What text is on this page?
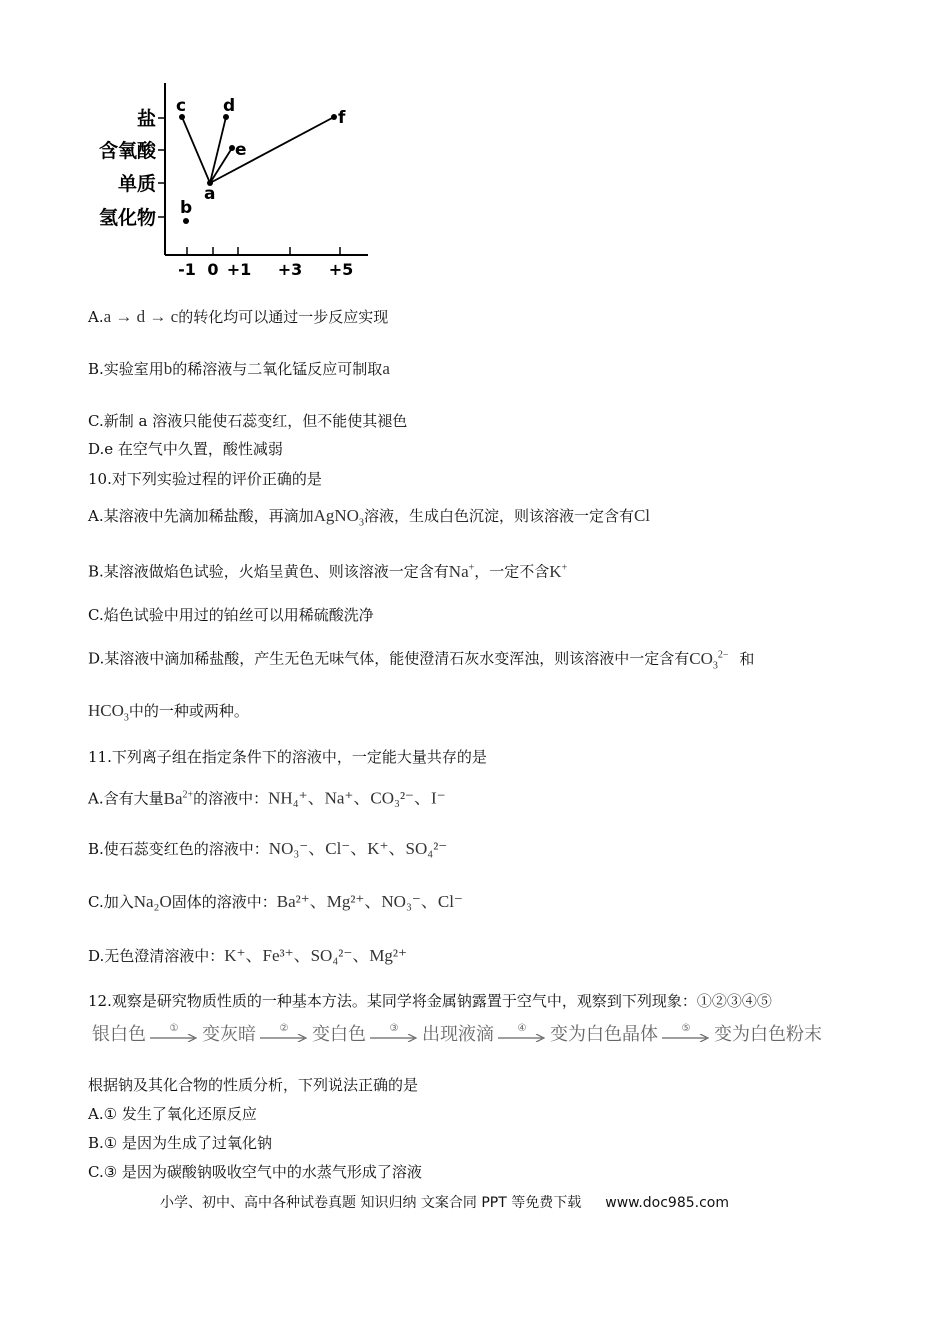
盐
含氧酸
单质
氢化物
-1 0 +1 +3 +5
a
b
c d
e
f
A.a → d → c的转化均可以通过一步反应实现
B.实验室用b的稀溶液与二氧化锰反应可制取a
C.新制 a 溶液只能使石蕊变红，但不能使其褪色
D.e 在空气中久置，酸性减弱
10.对下列实验过程的评价正确的是
A.某溶液中先滴加稀盐酸，再滴加AgNO$_3$溶液，生成白色沉淀，则该溶液一定含有Cl
B.某溶液做焰色试验，火焰呈黄色、则该溶液一定含有Na+，一定不含K+
C.焰色试验中用过的铂丝可以用稀硫酸洗净
D.某溶液中滴加稀盐酸，产生无色无味气体，能使澄清石灰水变浑浊，则该溶液中一定含有$CO_3^{2-}$ 和
$HCO_3$中的一种或两种。
11.下列离子组在指定条件下的溶液中，一定能大量共存的是
A.含有大量$Ba^{2+}$的溶液中：NH₄⁺、Na⁺、CO₃²⁻、I⁻
B.使石蕊变红色的溶液中：NO₃⁻、Cl⁻、K⁺、SO₄²⁻
C.加入Na₂O固体的溶液中：Ba²⁺、Mg²⁺、NO₃⁻、Cl⁻
D.无色澄清溶液中：K⁺、Fe³⁺、SO₄²⁻、Mg²⁺
12.观察是研究物质性质的一种基本方法。某同学将金属钠露置于空气中，观察到下列现象：①②③④⑤
银白色 ① 变灰暗 ② 变白色 ③ 出现液滴 ④ 变为白色晶体 ⑤ 变为白色粉末
根据钠及其化合物的性质分析，下列说法正确的是
A.① 发生了氧化还原反应
B.① 是因为生成了过氧化钠
C.③ 是因为碳酸钠吸收空气中的水蒸气形成了溶液
小学、初中、高中各种试卷真题 知识归纳 文案合同 PPT 等免费下载 www.doc985.com
